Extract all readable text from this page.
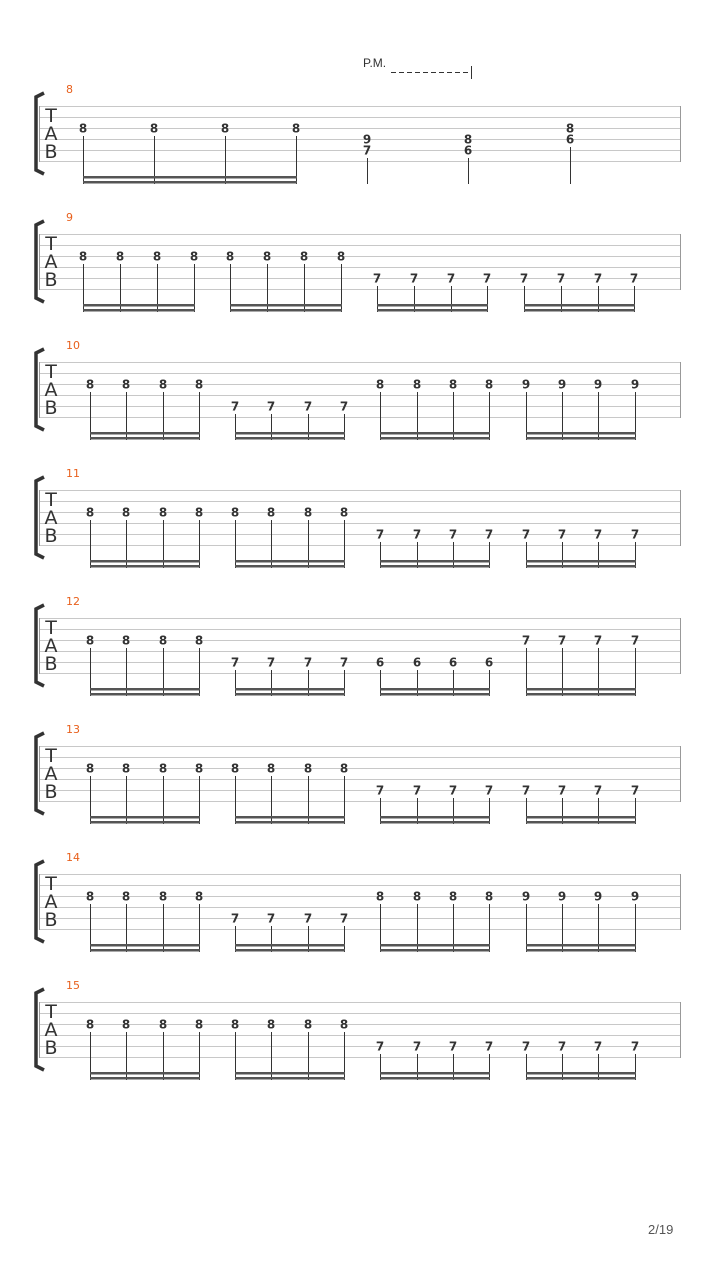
P.M.
8
T
A
B
8	8	8	8
9
7
8
6
8
6
9
T
A
B
8 8 8 8 8 8 8 8
7 7 7 7 7 7 7 7
10
T
A
B
8 8 8 8
7 7 7 7
8 8 8 8 9 9 9 9
11
T
A
B
8 8 8 8 8 8 8 8
7 7 7 7 7 7 7 7
12
T
A
B
8 8 8 8
7 7 7 7 6 6 6 6
7 7 7 7
13
T
A
B
8 8 8 8 8 8 8 8
7 7 7 7 7 7 7 7
14
T
A
B
8 8 8 8
7 7 7 7
8 8 8 8 9 9 9 9
15
T
A
B
8 8 8 8 8 8 8 8
7 7 7 7 7 7 7 7
2/19
